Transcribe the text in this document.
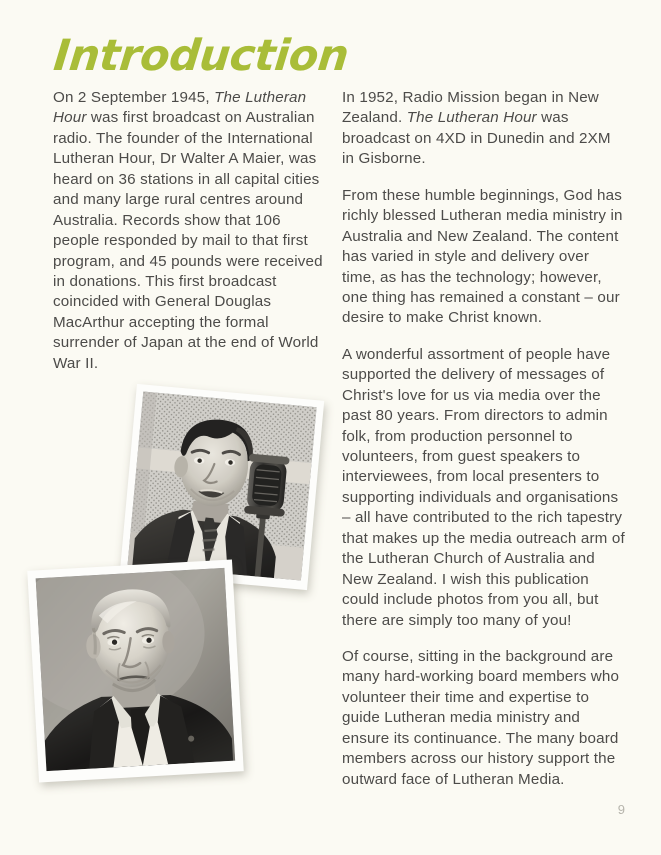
Introduction

On 2 September 1945, The Lutheran Hour was first broadcast on Australian radio. The founder of the International Lutheran Hour, Dr Walter A Maier, was heard on 36 stations in all capital cities and many large rural centres around Australia. Records show that 106 people responded by mail to that first program, and 45 pounds were received in donations. This first broadcast coincided with General Douglas MacArthur accepting the formal surrender of Japan at the end of World War II.

In 1952, Radio Mission began in New Zealand. The Lutheran Hour was broadcast on 4XD in Dunedin and 2XM in Gisborne.

From these humble beginnings, God has richly blessed Lutheran media ministry in Australia and New Zealand. The content has varied in style and delivery over time, as has the technology; however, one thing has remained a constant – our desire to make Christ known.

A wonderful assortment of people have supported the delivery of messages of Christ's love for us via media over the past 80 years. From directors to admin folk, from production personnel to volunteers, from guest speakers to interviewees, from local presenters to supporting individuals and organisations – all have contributed to the rich tapestry that makes up the media outreach arm of the Lutheran Church of Australia and New Zealand. I wish this publication could include photos from you all, but there are simply too many of you!

Of course, sitting in the background are many hard-working board members who volunteer their time and expertise to guide Lutheran media ministry and ensure its continuance. The many board members across our history support the outward face of Lutheran Media.

9
